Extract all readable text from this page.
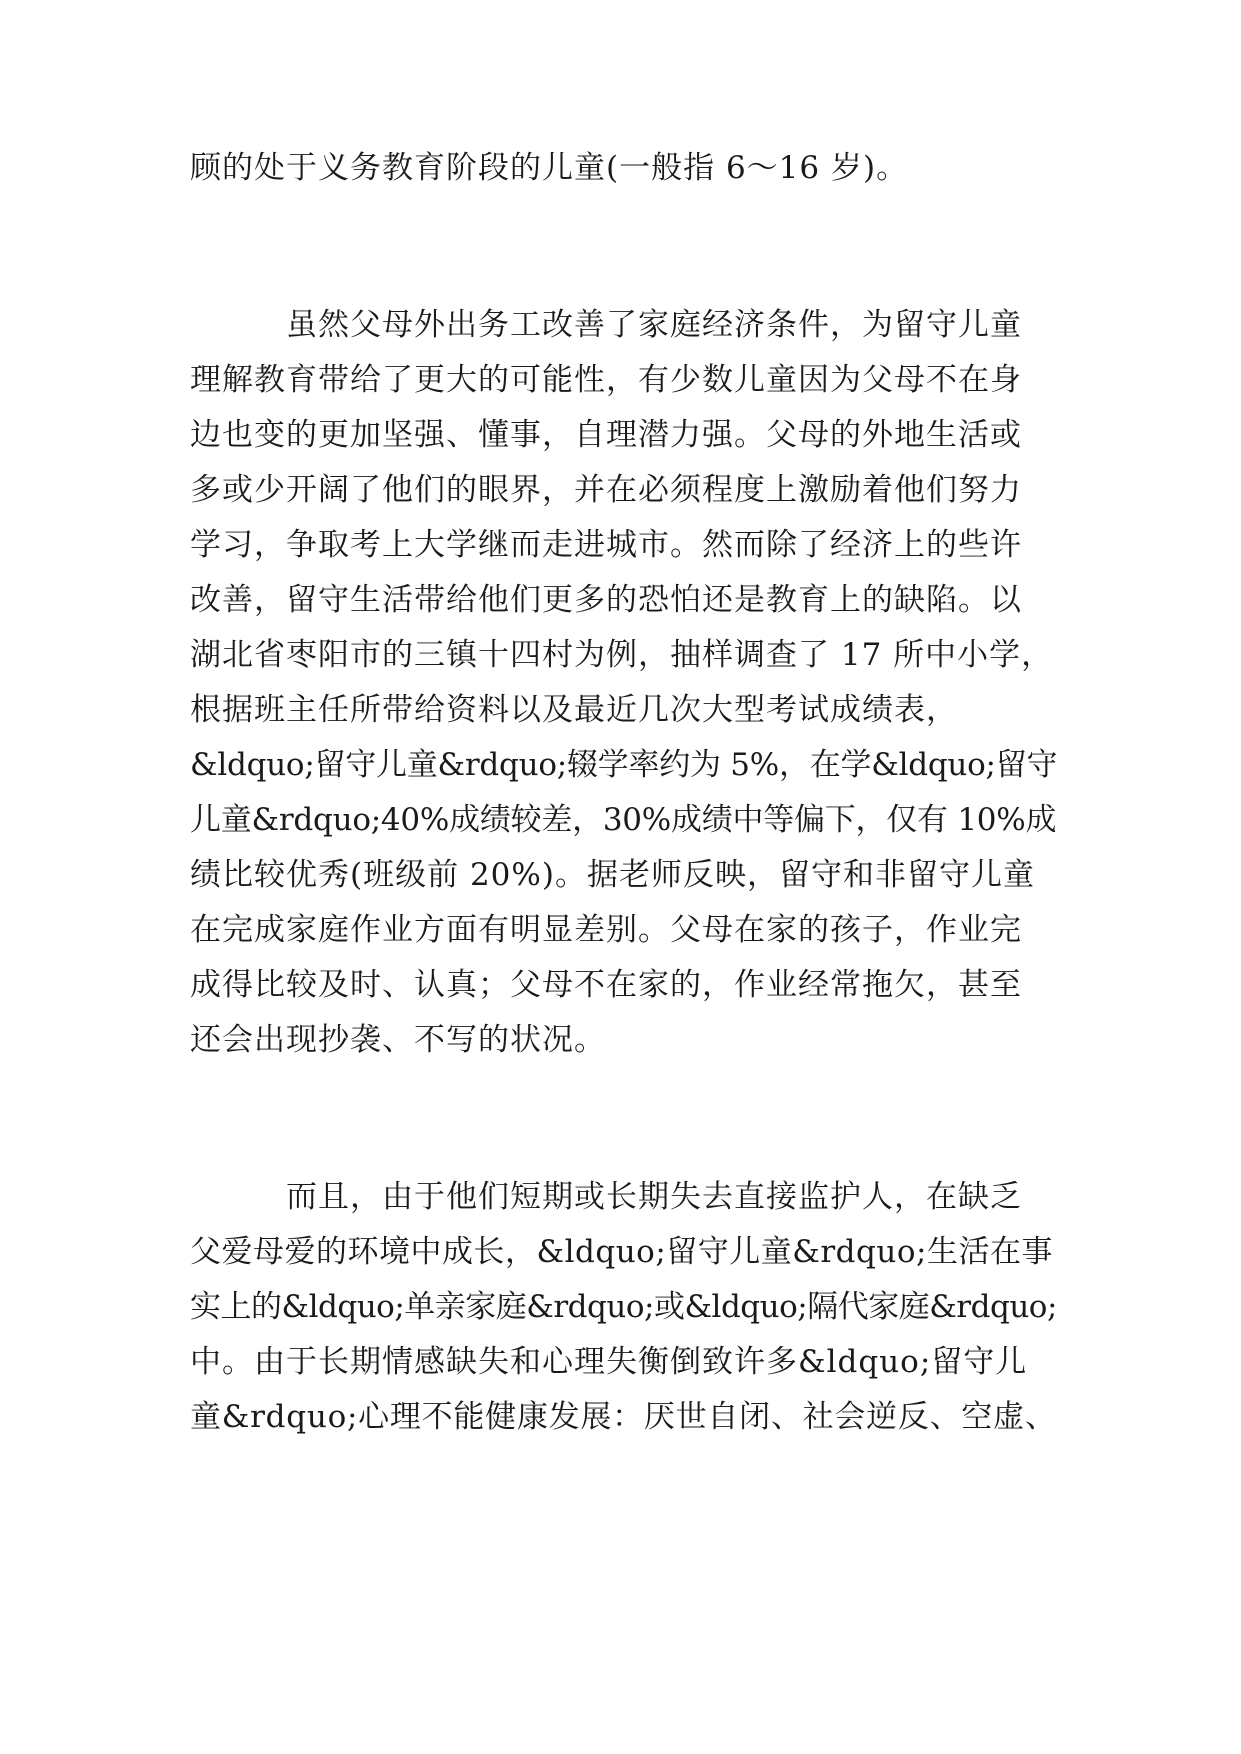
顾的处于义务教育阶段的儿童(一般指 6～16 岁)。
　　　虽然父母外出务工改善了家庭经济条件，为留守儿童
理解教育带给了更大的可能性，有少数儿童因为父母不在身
边也变的更加坚强、懂事，自理潜力强。父母的外地生活或
多或少开阔了他们的眼界，并在必须程度上激励着他们努力
学习，争取考上大学继而走进城市。然而除了经济上的些许
改善，留守生活带给他们更多的恐怕还是教育上的缺陷。以
湖北省枣阳市的三镇十四村为例，抽样调查了 17 所中小学，
根据班主任所带给资料以及最近几次大型考试成绩表，
&ldquo;留守儿童&rdquo;辍学率约为 5%，在学&ldquo;留守
儿童&rdquo;40%成绩较差，30%成绩中等偏下，仅有 10%成
绩比较优秀(班级前 20%)。据老师反映，留守和非留守儿童
在完成家庭作业方面有明显差别。父母在家的孩子，作业完
成得比较及时、认真；父母不在家的，作业经常拖欠，甚至
还会出现抄袭、不写的状况。
　　　而且，由于他们短期或长期失去直接监护人，在缺乏
父爱母爱的环境中成长，&ldquo;留守儿童&rdquo;生活在事
实上的&ldquo;单亲家庭&rdquo;或&ldquo;隔代家庭&rdquo;
中。由于长期情感缺失和心理失衡倒致许多&ldquo;留守儿
童&rdquo;心理不能健康发展：厌世自闭、社会逆反、空虚、
